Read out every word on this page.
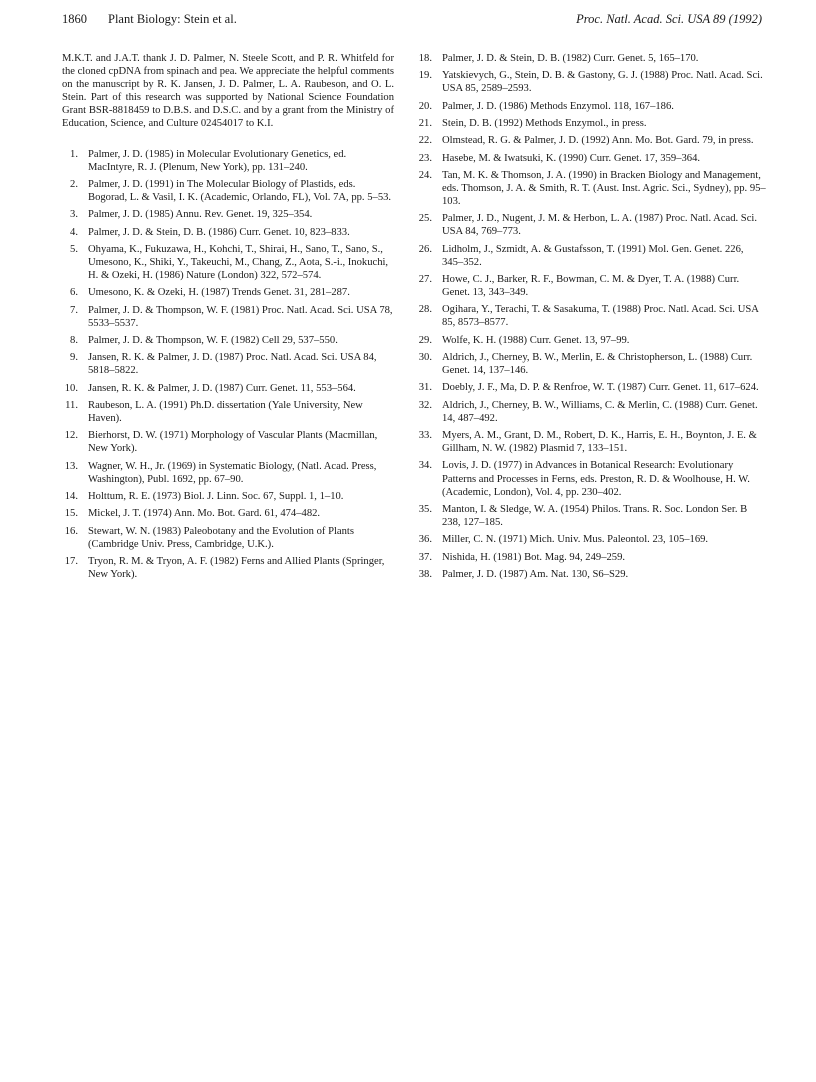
1860 Plant Biology: Stein et al.	Proc. Natl. Acad. Sci. USA 89 (1992)

M.K.T. and J.A.T. thank J. D. Palmer, N. Steele Scott, and P. R. Whitfeld for the cloned cpDNA from spinach and pea. We appreciate the helpful comments on the manuscript by R. K. Jansen, J. D. Palmer, L. A. Raubeson, and O. L. Stein. Part of this research was supported by National Science Foundation Grant BSR-8818459 to D.B.S. and D.S.C. and by a grant from the Ministry of Education, Science, and Culture 02454017 to K.I.

1. Palmer, J. D. (1985) in Molecular Evolutionary Genetics, ed. MacIntyre, R. J. (Plenum, New York), pp. 131–240.
2. Palmer, J. D. (1991) in The Molecular Biology of Plastids, eds. Bogorad, L. & Vasil, I. K. (Academic, Orlando, FL), Vol. 7A, pp. 5–53.
3. Palmer, J. D. (1985) Annu. Rev. Genet. 19, 325–354.
4. Palmer, J. D. & Stein, D. B. (1986) Curr. Genet. 10, 823–833.
5. Ohyama, K., Fukuzawa, H., Kohchi, T., Shirai, H., Sano, T., Sano, S., Umesono, K., Shiki, Y., Takeuchi, M., Chang, Z., Aota, S.-i., Inokuchi, H. & Ozeki, H. (1986) Nature (London) 322, 572–574.
6. Umesono, K. & Ozeki, H. (1987) Trends Genet. 31, 281–287.
7. Palmer, J. D. & Thompson, W. F. (1981) Proc. Natl. Acad. Sci. USA 78, 5533–5537.
8. Palmer, J. D. & Thompson, W. F. (1982) Cell 29, 537–550.
9. Jansen, R. K. & Palmer, J. D. (1987) Proc. Natl. Acad. Sci. USA 84, 5818–5822.
10. Jansen, R. K. & Palmer, J. D. (1987) Curr. Genet. 11, 553–564.
11. Raubeson, L. A. (1991) Ph.D. dissertation (Yale University, New Haven).
12. Bierhorst, D. W. (1971) Morphology of Vascular Plants (Macmillan, New York).
13. Wagner, W. H., Jr. (1969) in Systematic Biology, (Natl. Acad. Press, Washington), Publ. 1692, pp. 67–90.
14. Holttum, R. E. (1973) Biol. J. Linn. Soc. 67, Suppl. 1, 1–10.
15. Mickel, J. T. (1974) Ann. Mo. Bot. Gard. 61, 474–482.
16. Stewart, W. N. (1983) Paleobotany and the Evolution of Plants (Cambridge Univ. Press, Cambridge, U.K.).
17. Tryon, R. M. & Tryon, A. F. (1982) Ferns and Allied Plants (Springer, New York).
18. Palmer, J. D. & Stein, D. B. (1982) Curr. Genet. 5, 165–170.
19. Yatskievych, G., Stein, D. B. & Gastony, G. J. (1988) Proc. Natl. Acad. Sci. USA 85, 2589–2593.
20. Palmer, J. D. (1986) Methods Enzymol. 118, 167–186.
21. Stein, D. B. (1992) Methods Enzymol., in press.
22. Olmstead, R. G. & Palmer, J. D. (1992) Ann. Mo. Bot. Gard. 79, in press.
23. Hasebe, M. & Iwatsuki, K. (1990) Curr. Genet. 17, 359–364.
24. Tan, M. K. & Thomson, J. A. (1990) in Bracken Biology and Management, eds. Thomson, J. A. & Smith, R. T. (Aust. Inst. Agric. Sci., Sydney), pp. 95–103.
25. Palmer, J. D., Nugent, J. M. & Herbon, L. A. (1987) Proc. Natl. Acad. Sci. USA 84, 769–773.
26. Lidholm, J., Szmidt, A. & Gustafsson, T. (1991) Mol. Gen. Genet. 226, 345–352.
27. Howe, C. J., Barker, R. F., Bowman, C. M. & Dyer, T. A. (1988) Curr. Genet. 13, 343–349.
28. Ogihara, Y., Terachi, T. & Sasakuma, T. (1988) Proc. Natl. Acad. Sci. USA 85, 8573–8577.
29. Wolfe, K. H. (1988) Curr. Genet. 13, 97–99.
30. Aldrich, J., Cherney, B. W., Merlin, E. & Christopherson, L. (1988) Curr. Genet. 14, 137–146.
31. Doebly, J. F., Ma, D. P. & Renfroe, W. T. (1987) Curr. Genet. 11, 617–624.
32. Aldrich, J., Cherney, B. W., Williams, C. & Merlin, C. (1988) Curr. Genet. 14, 487–492.
33. Myers, A. M., Grant, D. M., Robert, D. K., Harris, E. H., Boynton, J. E. & Gillham, N. W. (1982) Plasmid 7, 133–151.
34. Lovis, J. D. (1977) in Advances in Botanical Research: Evolutionary Patterns and Processes in Ferns, eds. Preston, R. D. & Woolhouse, H. W. (Academic, London), Vol. 4, pp. 230–402.
35. Manton, I. & Sledge, W. A. (1954) Philos. Trans. R. Soc. London Ser. B 238, 127–185.
36. Miller, C. N. (1971) Mich. Univ. Mus. Paleontol. 23, 105–169.
37. Nishida, H. (1981) Bot. Mag. 94, 249–259.
38. Palmer, J. D. (1987) Am. Nat. 130, S6–S29.
